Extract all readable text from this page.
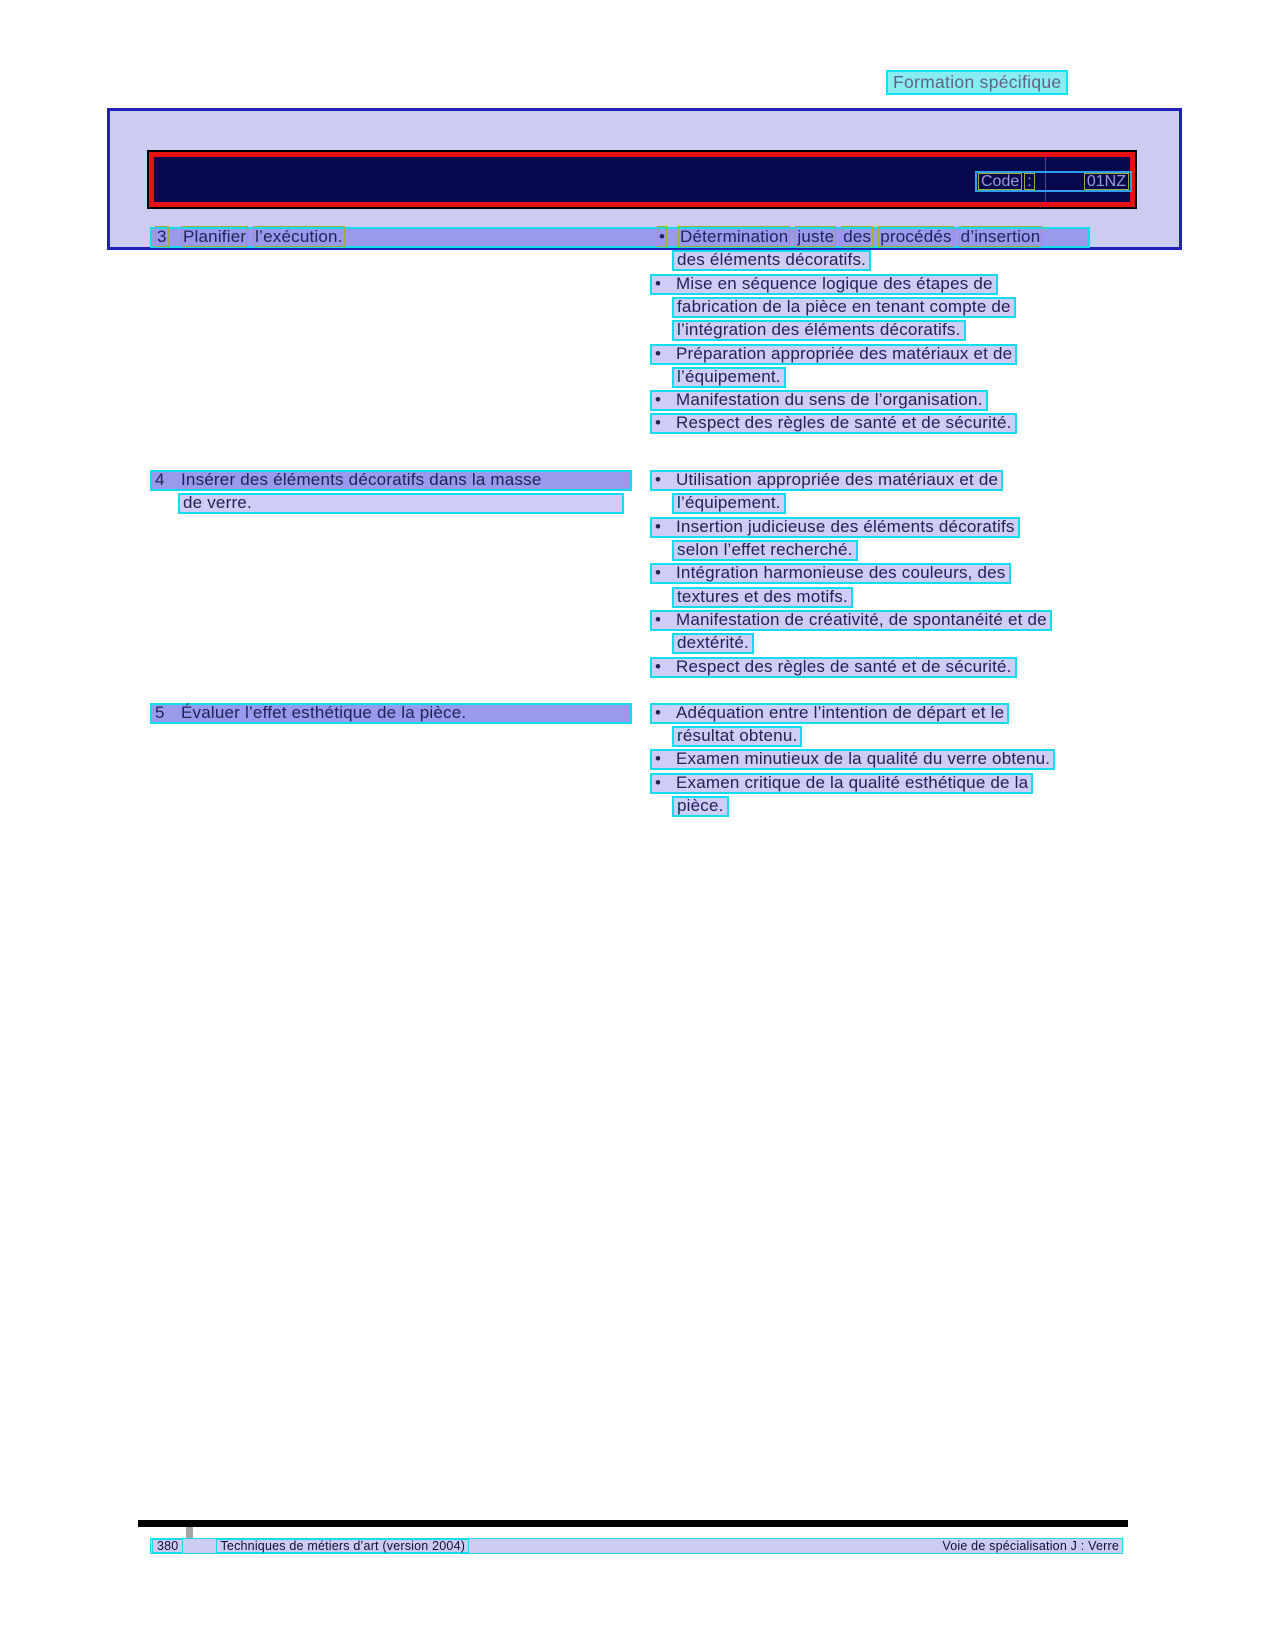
Formation spécifique
Code :	01NZ
3 Planifier l’exécution.	• Détermination juste des procédés d’insertion
des éléments décoratifs.
• Mise en séquence logique des étapes de
fabrication de la pièce en tenant compte de
l’intégration des éléments décoratifs.
• Préparation appropriée des matériaux et de
l’équipement.
• Manifestation du sens de l’organisation.
• Respect des règles de santé et de sécurité.
4 Insérer des éléments décoratifs dans la masse
de verre.
• Utilisation appropriée des matériaux et de
l’équipement.
• Insertion judicieuse des éléments décoratifs
selon l’effet recherché.
• Intégration harmonieuse des couleurs, des
textures et des motifs.
• Manifestation de créativité, de spontanéité et de
dextérité.
• Respect des règles de santé et de sécurité.
5 Évaluer l’effet esthétique de la pièce.	• Adéquation entre l’intention de départ et le
résultat obtenu.
• Examen minutieux de la qualité du verre obtenu.
• Examen critique de la qualité esthétique de la
pièce.
380	Techniques de métiers d’art (version 2004)	Voie de spécialisation J : Verre
